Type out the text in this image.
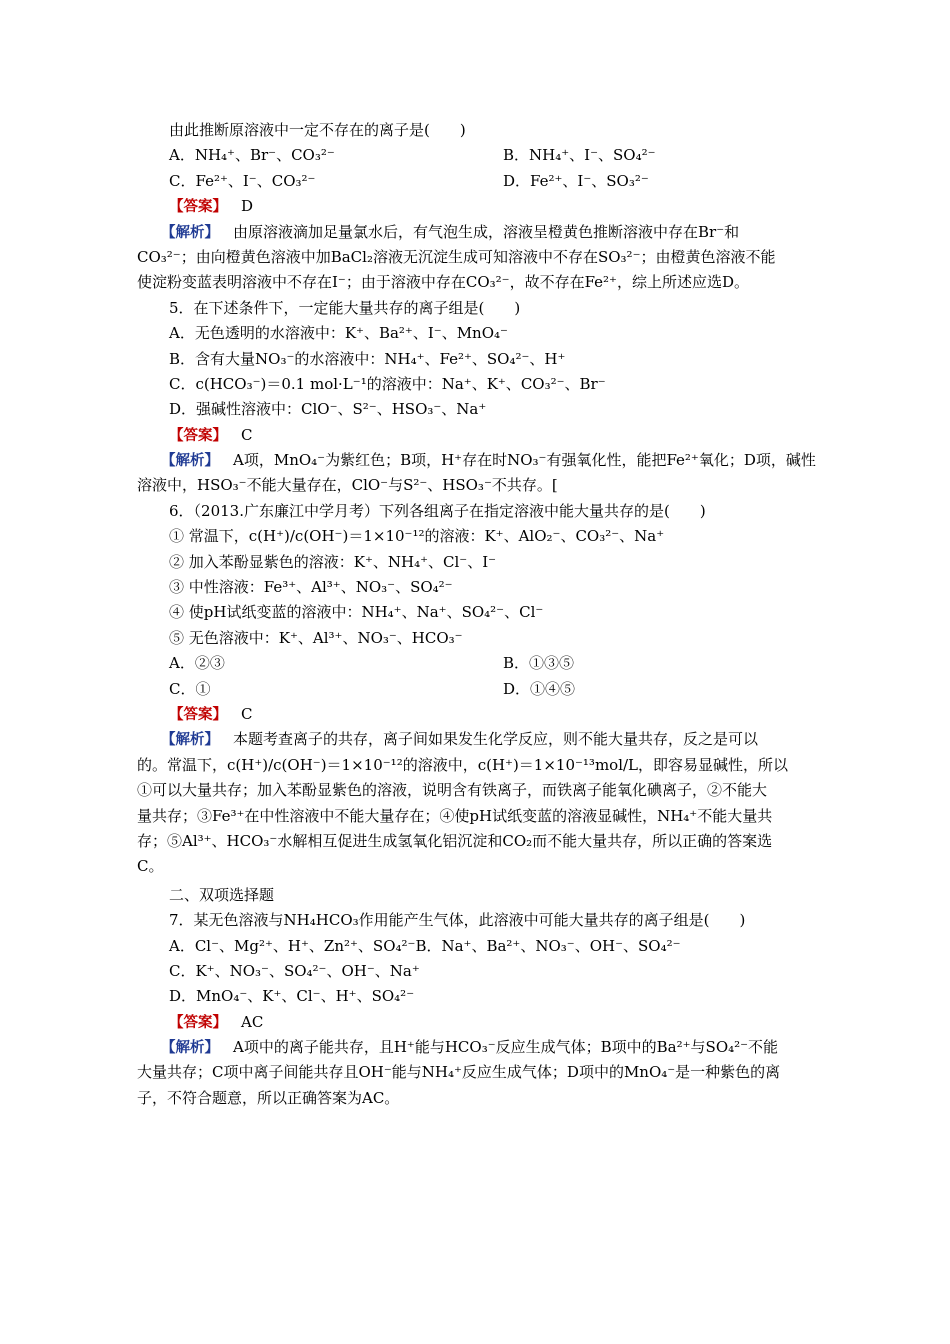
由此推断原溶液中一定不存在的离子是(　　)
A．NH₄⁺、Br⁻、CO₃²⁻	B．NH₄⁺、I⁻、SO₄²⁻
C．Fe²⁺、I⁻、CO₃²⁻	D．Fe²⁺、I⁻、SO₃²⁻
【答案】 D
【解析】 由原溶液滴加足量氯水后，有气泡生成，溶液呈橙黄色推断溶液中存在Br⁻和
CO₃²⁻；由向橙黄色溶液中加BaCl₂溶液无沉淀生成可知溶液中不存在SO₃²⁻；由橙黄色溶液不能
使淀粉变蓝表明溶液中不存在I⁻；由于溶液中存在CO₃²⁻，故不存在Fe²⁺，综上所述应选D。
5．在下述条件下，一定能大量共存的离子组是(　　)
A．无色透明的水溶液中：K⁺、Ba²⁺、I⁻、MnO₄⁻
B．含有大量NO₃⁻的水溶液中：NH₄⁺、Fe²⁺、SO₄²⁻、H⁺
C．c(HCO₃⁻)＝0.1 mol·L⁻¹的溶液中：Na⁺、K⁺、CO₃²⁻、Br⁻
D．强碱性溶液中：ClO⁻、S²⁻、HSO₃⁻、Na⁺
【答案】 C
【解析】 A项，MnO₄⁻为紫红色；B项，H⁺存在时NO₃⁻有强氧化性，能把Fe²⁺氧化；D项，碱性
溶液中，HSO₃⁻不能大量存在，ClO⁻与S²⁻、HSO₃⁻不共存。[
6．（2013.广东廉江中学月考）下列各组离子在指定溶液中能大量共存的是(　　)
① 常温下，c(H⁺)/c(OH⁻)＝1×10⁻¹²的溶液：K⁺、AlO₂⁻、CO₃²⁻、Na⁺
② 加入苯酚显紫色的溶液：K⁺、NH₄⁺、Cl⁻、I⁻
③ 中性溶液：Fe³⁺、Al³⁺、NO₃⁻、SO₄²⁻
④ 使pH试纸变蓝的溶液中：NH₄⁺、Na⁺、SO₄²⁻、Cl⁻
⑤ 无色溶液中：K⁺、Al³⁺、NO₃⁻、HCO₃⁻
A．②③	B．①③⑤
C．①	D．①④⑤
【答案】 C
【解析】 本题考查离子的共存，离子间如果发生化学反应，则不能大量共存，反之是可以
的。常温下，c(H⁺)/c(OH⁻)＝1×10⁻¹²的溶液中，c(H⁺)＝1×10⁻¹³mol/L，即容易显碱性，所以
①可以大量共存；加入苯酚显紫色的溶液，说明含有铁离子，而铁离子能氧化碘离子，②不能大
量共存；③Fe³⁺在中性溶液中不能大量存在；④使pH试纸变蓝的溶液显碱性，NH₄⁺不能大量共
存；⑤Al³⁺、HCO₃⁻水解相互促进生成氢氧化铝沉淀和CO₂而不能大量共存，所以正确的答案选
C。
二、双项选择题
7．某无色溶液与NH₄HCO₃作用能产生气体，此溶液中可能大量共存的离子组是(　　)
A．Cl⁻、Mg²⁺、H⁺、Zn²⁺、SO₄²⁻B．Na⁺、Ba²⁺、NO₃⁻、OH⁻、SO₄²⁻
C．K⁺、NO₃⁻、SO₄²⁻、OH⁻、Na⁺
D．MnO₄⁻、K⁺、Cl⁻、H⁺、SO₄²⁻
【答案】 AC
【解析】 A项中的离子能共存，且H⁺能与HCO₃⁻反应生成气体；B项中的Ba²⁺与SO₄²⁻不能
大量共存；C项中离子间能共存且OH⁻能与NH₄⁺反应生成气体；D项中的MnO₄⁻是一种紫色的离
子，不符合题意，所以正确答案为AC。
